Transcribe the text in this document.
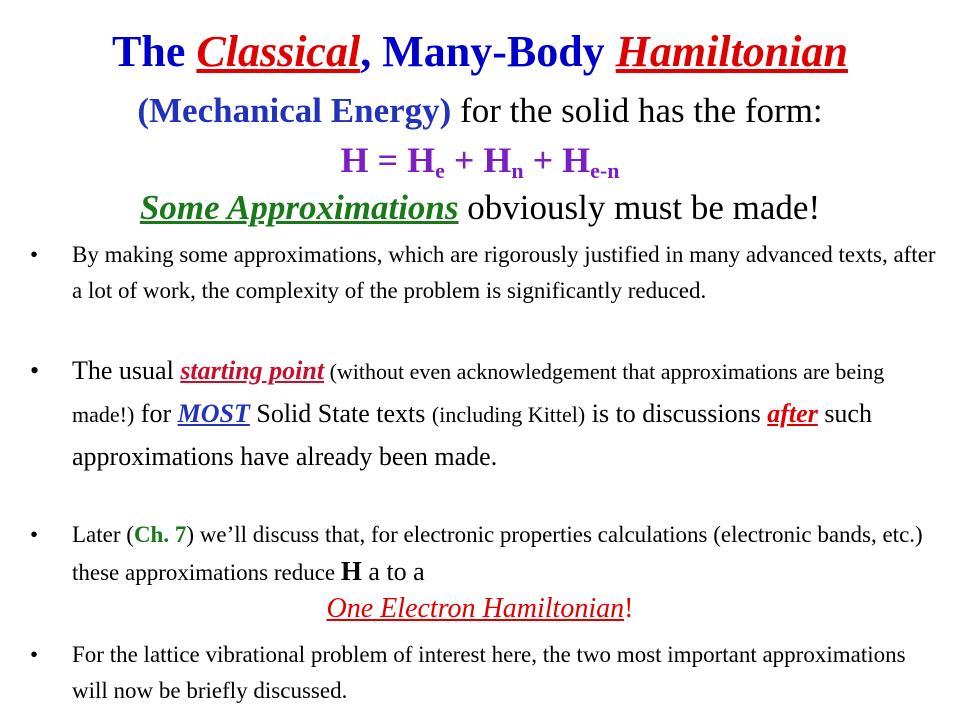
The Classical, Many-Body Hamiltonian
(Mechanical Energy) for the solid has the form:
$H = H_e + H_n + H_{e-n}$
Some Approximations obviously must be made!
• By making some approximations, which are rigorously justified in many advanced texts, after a lot of work, the complexity of the problem is significantly reduced.
• The usual starting point (without even acknowledgement that approximations are being made!) for MOST Solid State texts (including Kittel) is to discussions after such approximations have already been made.
• Later (Ch. 7) we’ll discuss that, for electronic properties calculations (electronic bands, etc.) these approximations reduce H a to a
One Electron Hamiltonian!
• For the lattice vibrational problem of interest here, the two most important approximations will now be briefly discussed.
